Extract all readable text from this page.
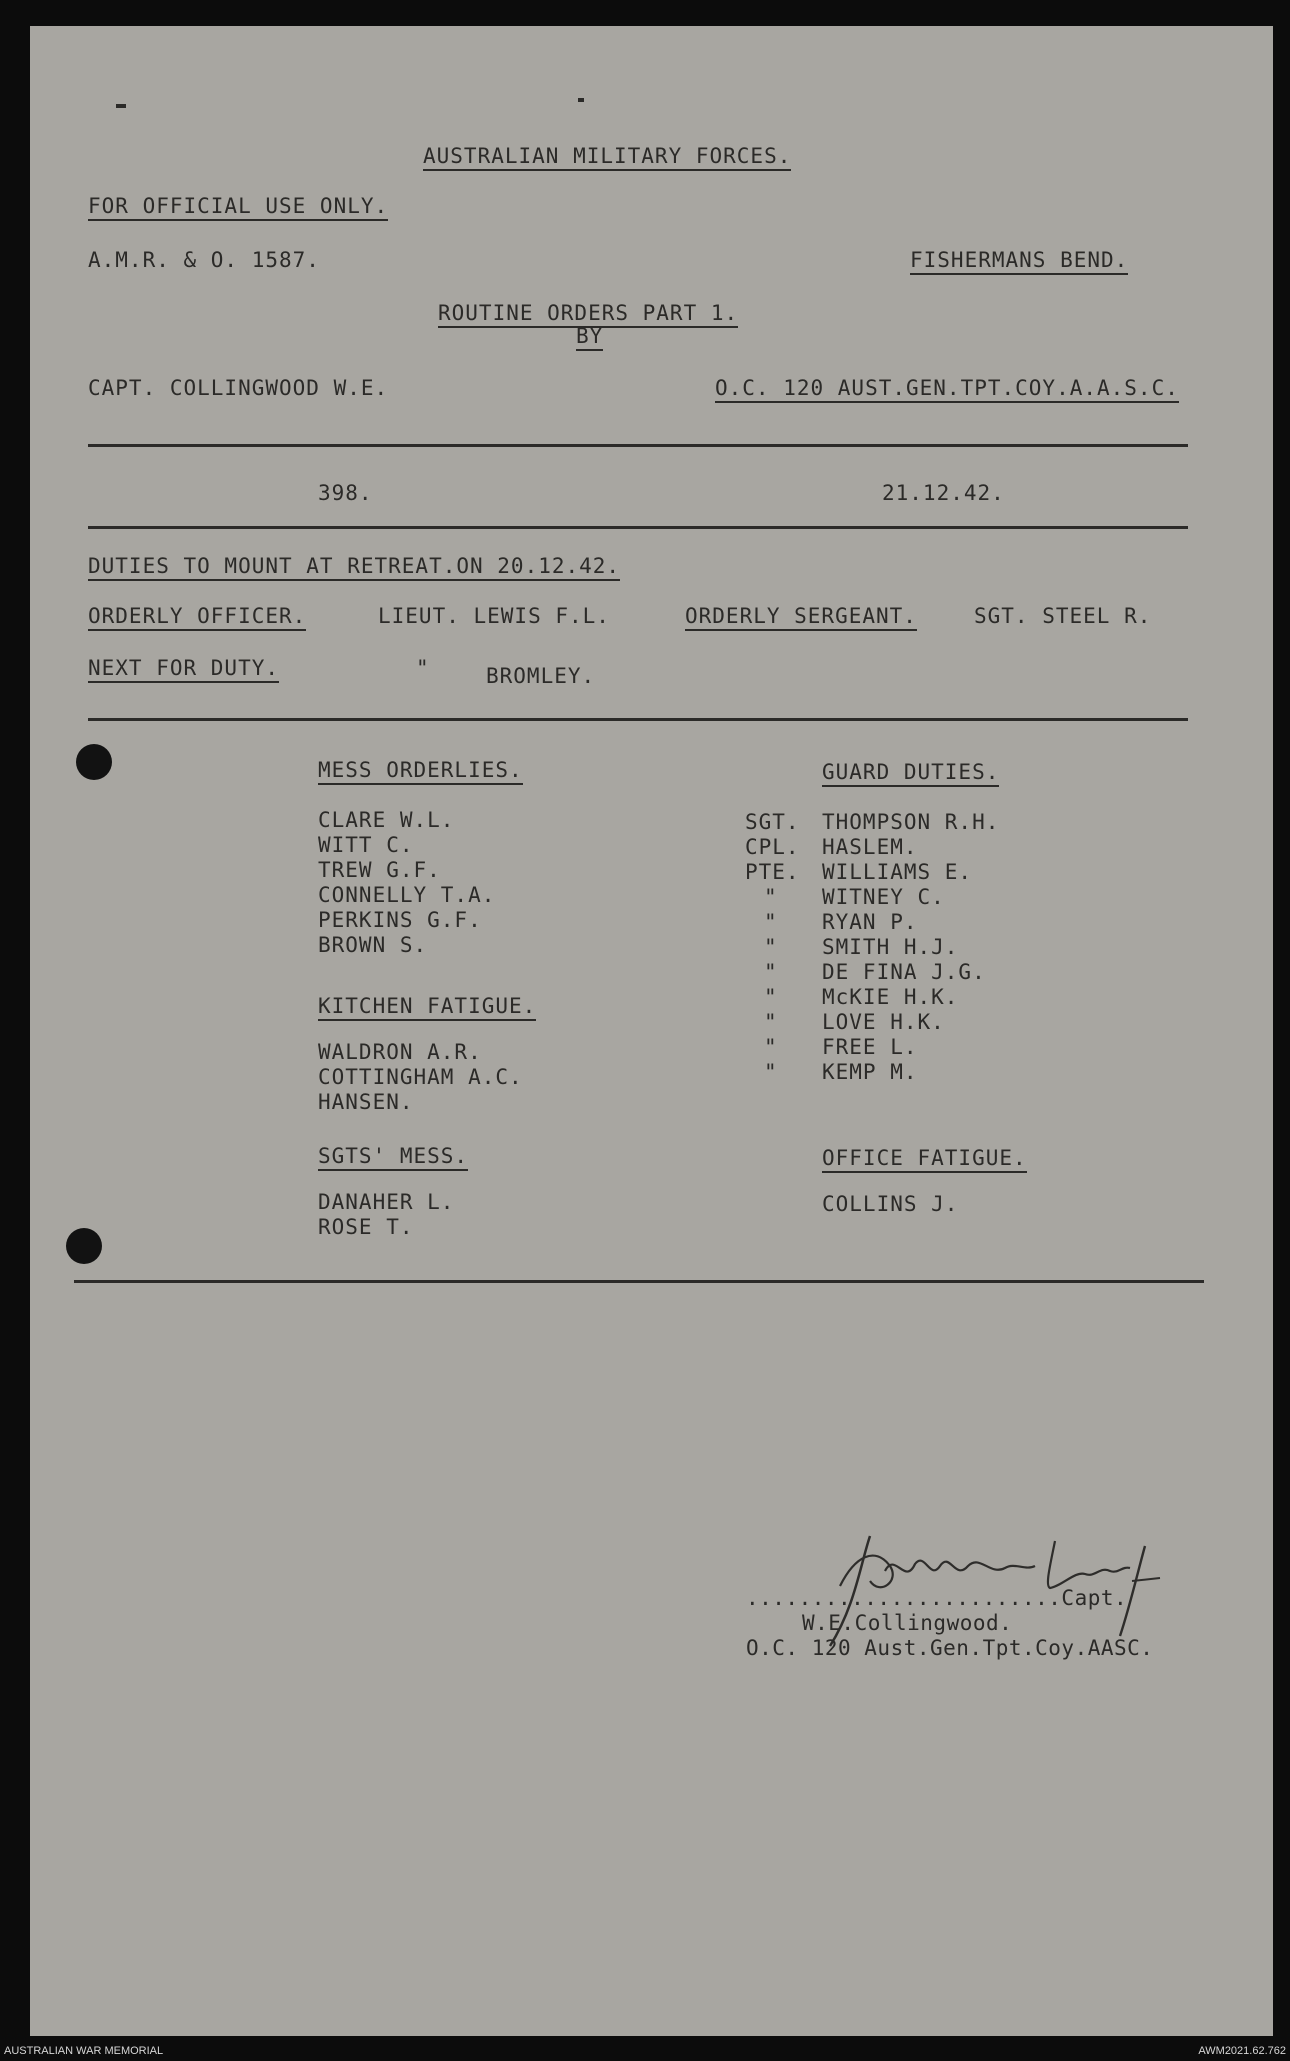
AUSTRALIAN MILITARY FORCES.
FOR OFFICIAL USE ONLY.
A.M.R. & O. 1587.	FISHERMANS BEND.
ROUTINE ORDERS PART 1.
BY
CAPT. COLLINGWOOD W.E.	O.C. 120 AUST.GEN.TPT.COY.A.A.S.C.
398.	21.12.42.
DUTIES TO MOUNT AT RETREAT.ON 20.12.42.
ORDERLY OFFICER.	LIEUT. LEWIS F.L.	ORDERLY SERGEANT.	SGT. STEEL R.
NEXT FOR DUTY.	"	BROMLEY.
MESS ORDERLIES.
CLARE W.L.
WITT C.
TREW G.F.
CONNELLY T.A.
PERKINS G.F.
BROWN S.
KITCHEN FATIGUE.
WALDRON A.R.
COTTINGHAM A.C.
HANSEN.
SGTS' MESS.
DANAHER L.
ROSE T.
GUARD DUTIES.
SGT. THOMPSON R.H.
CPL. HASLEM.
PTE. WILLIAMS E.
" WITNEY C.
" RYAN P.
" SMITH H.J.
" DE FINA J.G.
" McKIE H.K.
" LOVE H.K.
" FREE L.
" KEMP M.
OFFICE FATIGUE.
COLLINS J.
........................Capt.
W.E.Collingwood.
O.C. 120 Aust.Gen.Tpt.Coy.AASC.
AUSTRALIAN WAR MEMORIAL	AWM2021.62.762
